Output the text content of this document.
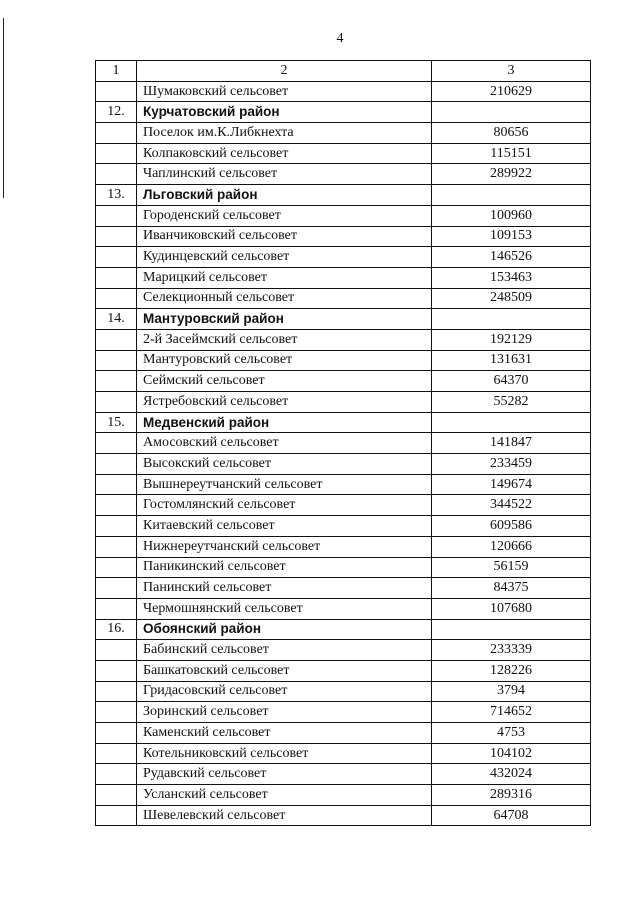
4
1	2	3
	Шумаковский сельсовет	210629
12.	Курчатовский район	
	Поселок им.К.Либкнехта	80656
	Колпаковский сельсовет	115151
	Чаплинский сельсовет	289922
13.	Льговский район	
	Городенский сельсовет	100960
	Иванчиковский сельсовет	109153
	Кудинцевский сельсовет	146526
	Марицкий сельсовет	153463
	Селекционный сельсовет	248509
14.	Мантуровский район	
	2-й Засеймский сельсовет	192129
	Мантуровский сельсовет	131631
	Сеймский сельсовет	64370
	Ястребовский сельсовет	55282
15.	Медвенский район	
	Амосовский сельсовет	141847
	Высокский сельсовет	233459
	Вышнереутчанский сельсовет	149674
	Гостомлянский сельсовет	344522
	Китаевский сельсовет	609586
	Нижнереутчанский сельсовет	120666
	Паникинский сельсовет	56159
	Панинский сельсовет	84375
	Чермошнянский сельсовет	107680
16.	Обоянский район	
	Бабинский сельсовет	233339
	Башкатовский сельсовет	128226
	Гридасовский сельсовет	3794
	Зоринский сельсовет	714652
	Каменский сельсовет	4753
	Котельниковский сельсовет	104102
	Рудавский сельсовет	432024
	Усланский сельсовет	289316
	Шевелевский сельсовет	64708
